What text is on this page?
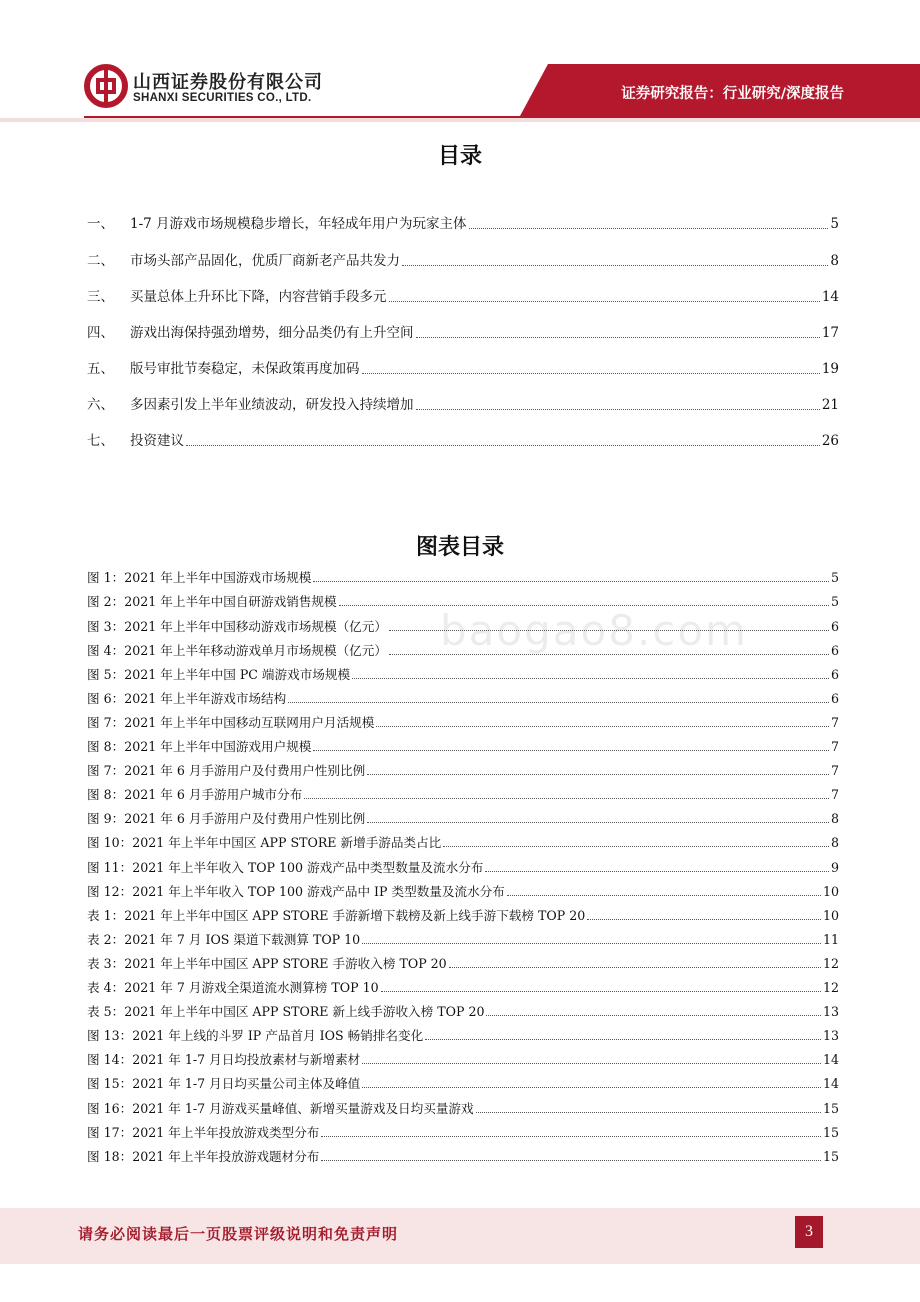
山西证券股份有限公司
SHANXI SECURITIES CO., LTD.	证券研究报告：行业研究/深度报告
目录
一、	1-7 月游戏市场规模稳步增长，年轻成年用户为玩家主体	5
二、	市场头部产品固化，优质厂商新老产品共发力	8
三、	买量总体上升环比下降，内容营销手段多元	14
四、	游戏出海保持强劲增势，细分品类仍有上升空间	17
五、	版号审批节奏稳定，未保政策再度加码	19
六、	多因素引发上半年业绩波动，研发投入持续增加	21
七、	投资建议	26
图表目录
baogao8.com
图 1：2021 年上半年中国游戏市场规模	5
图 2：2021 年上半年中国自研游戏销售规模	5
图 3：2021 年上半年中国移动游戏市场规模（亿元）	6
图 4：2021 年上半年移动游戏单月市场规模（亿元）	6
图 5：2021 年上半年中国 PC 端游戏市场规模	6
图 6：2021 年上半年游戏市场结构	6
图 7：2021 年上半年中国移动互联网用户月活规模	7
图 8：2021 年上半年中国游戏用户规模	7
图 7：2021 年 6 月手游用户及付费用户性别比例	7
图 8：2021 年 6 月手游用户城市分布	7
图 9：2021 年 6 月手游用户及付费用户性别比例	8
图 10：2021 年上半年中国区 APP STORE 新增手游品类占比	8
图 11：2021 年上半年收入 TOP 100 游戏产品中类型数量及流水分布	9
图 12：2021 年上半年收入 TOP 100 游戏产品中 IP 类型数量及流水分布	10
表 1：2021 年上半年中国区 APP STORE 手游新增下载榜及新上线手游下载榜 TOP 20	10
表 2：2021 年 7 月 IOS 渠道下载测算 TOP 10	11
表 3：2021 年上半年中国区 APP STORE 手游收入榜 TOP 20	12
表 4：2021 年 7 月游戏全渠道流水测算榜 TOP 10	12
表 5：2021 年上半年中国区 APP STORE 新上线手游收入榜 TOP 20	13
图 13：2021 年上线的斗罗 IP 产品首月 IOS 畅销排名变化	13
图 14：2021 年 1-7 月日均投放素材与新增素材	14
图 15：2021 年 1-7 月日均买量公司主体及峰值	14
图 16：2021 年 1-7 月游戏买量峰值、新增买量游戏及日均买量游戏	15
图 17：2021 年上半年投放游戏类型分布	15
图 18：2021 年上半年投放游戏题材分布	15
请务必阅读最后一页股票评级说明和免责声明	3
